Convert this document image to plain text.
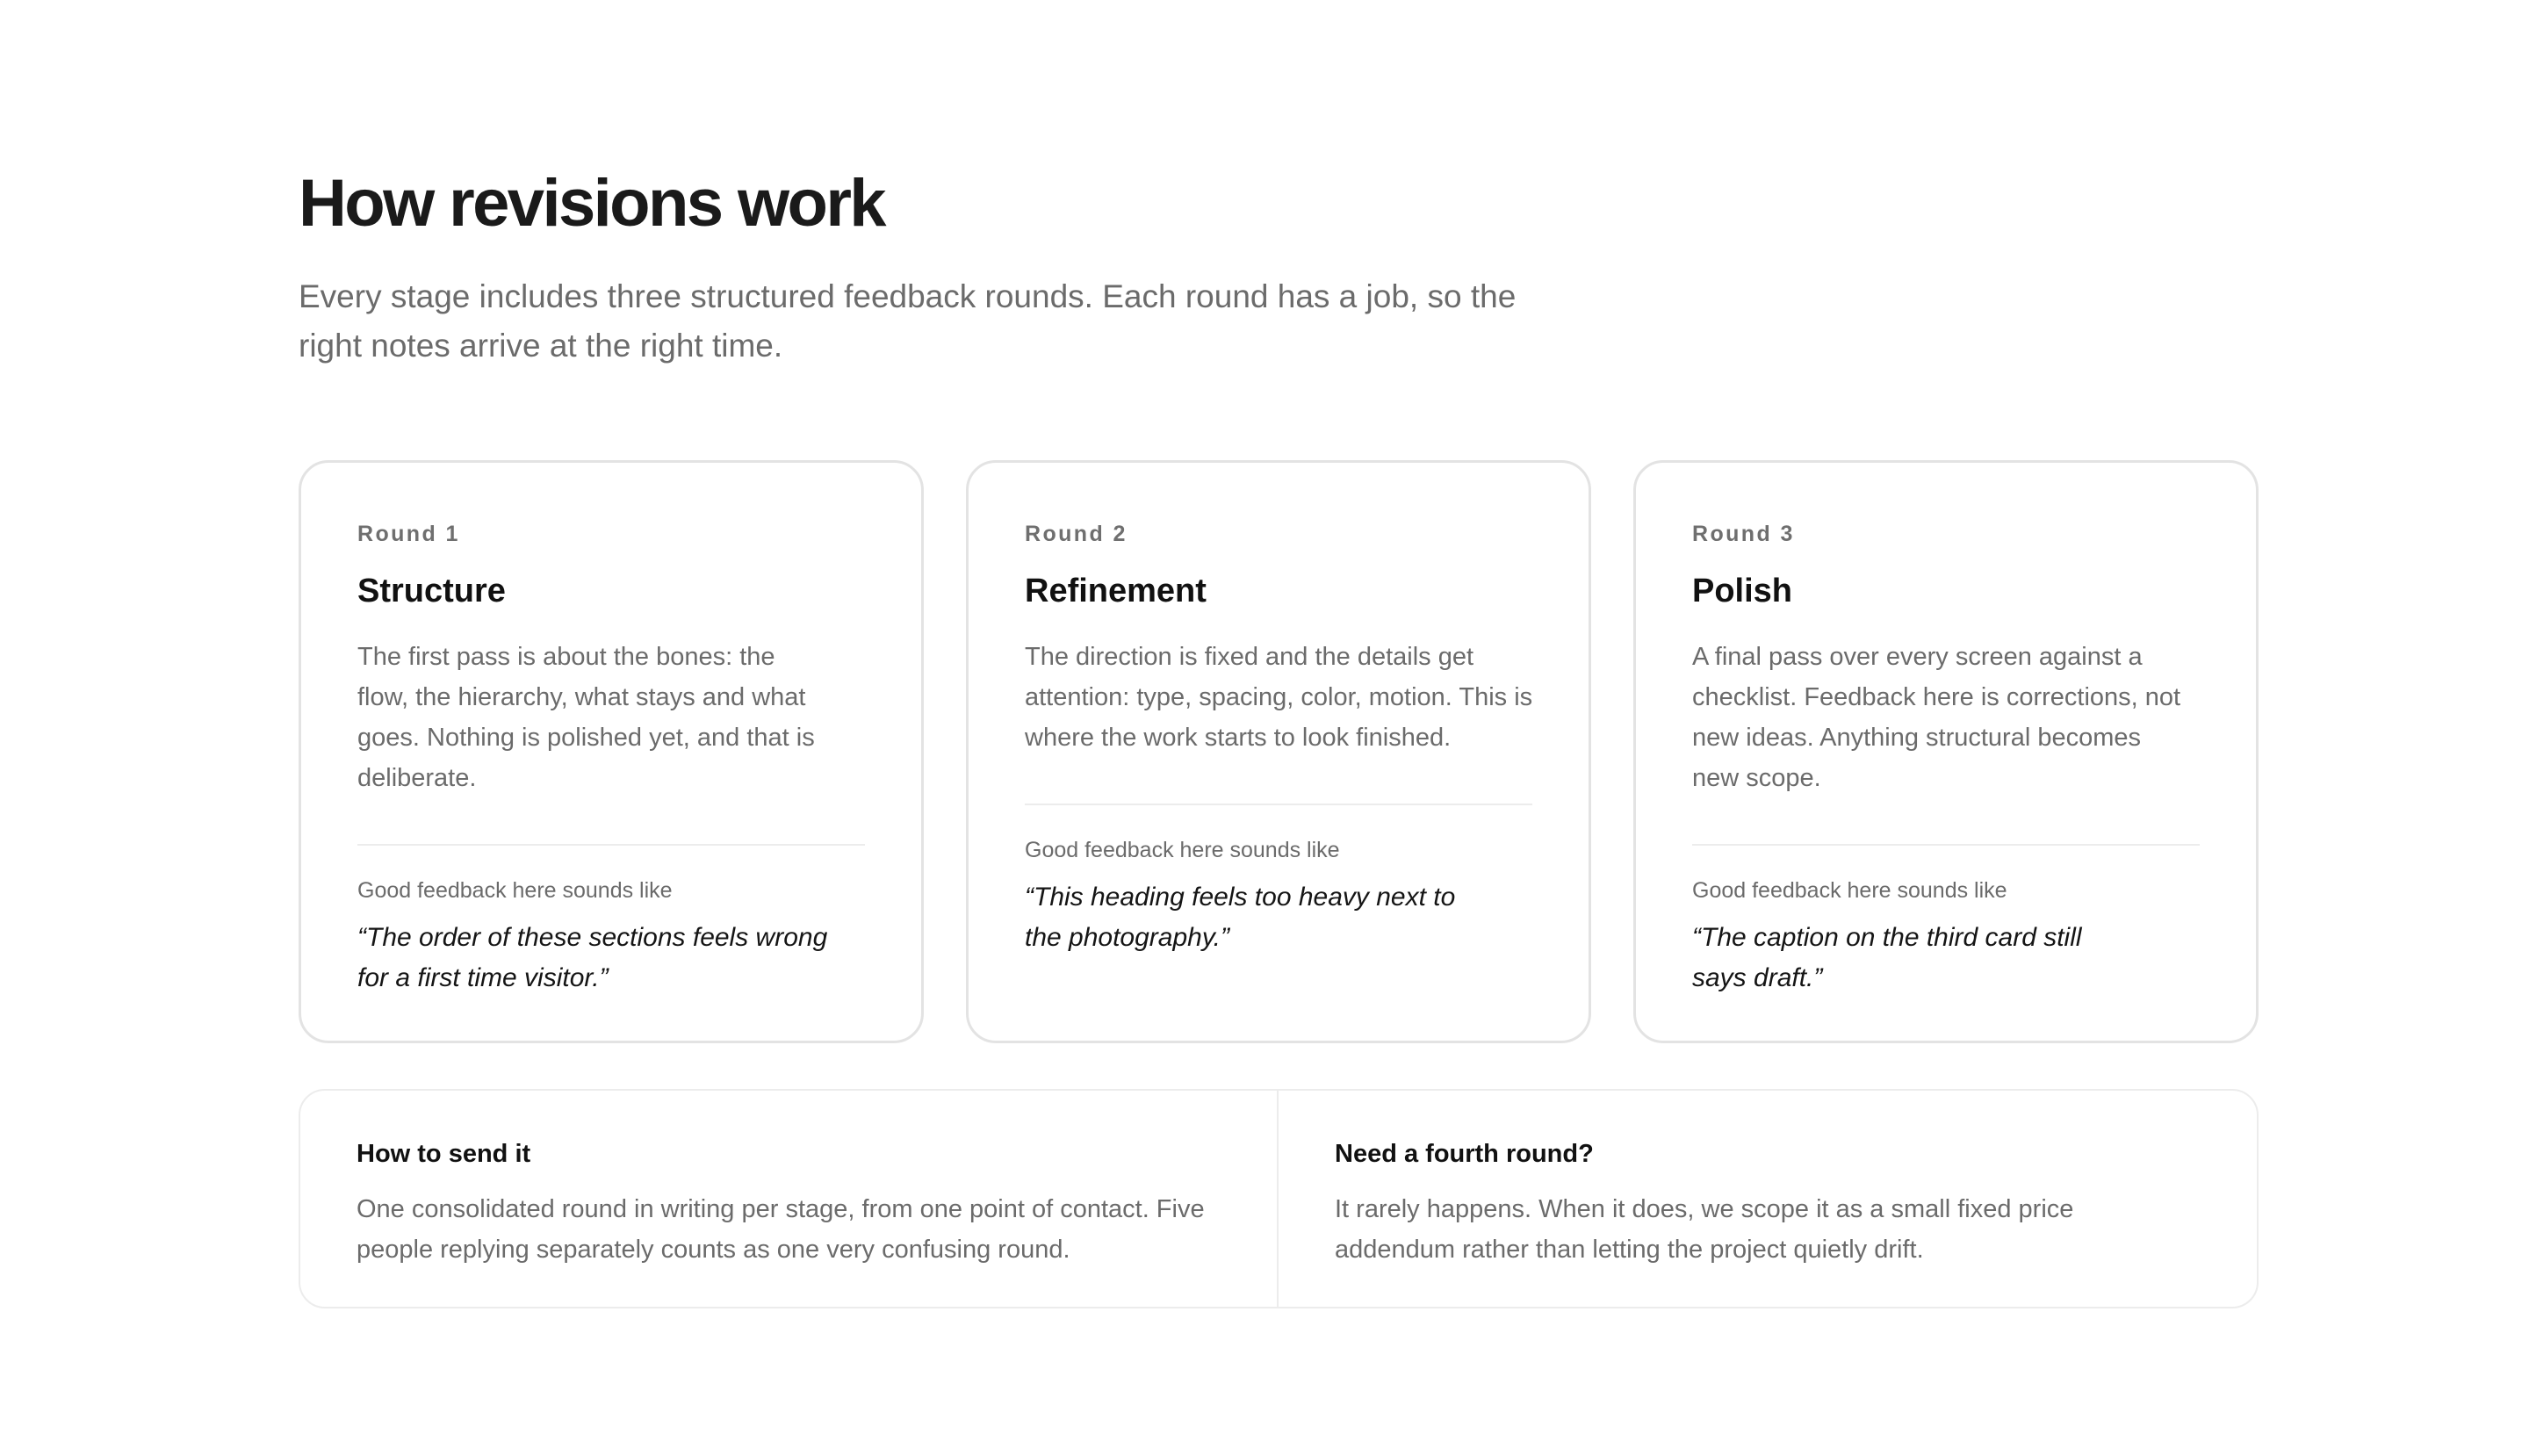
How revisions work

Every stage includes three structured feedback rounds. Each round has a job, so the right notes arrive at the right time.

Round 1
Structure
The first pass is about the bones: the flow, the hierarchy, what stays and what goes. Nothing is polished yet, and that is deliberate.
Good feedback here sounds like
“The order of these sections feels wrong for a first time visitor.”
Round 2
Refinement
The direction is fixed and the details get attention: type, spacing, color, motion. This is where the work starts to look finished.
Good feedback here sounds like
“This heading feels too heavy next to the photography.”
Round 3
Polish
A final pass over every screen against a checklist. Feedback here is corrections, not new ideas. Anything structural becomes new scope.
Good feedback here sounds like
“The caption on the third card still says draft.”
How to send it
One consolidated round in writing per stage, from one point of contact. Five people replying separately counts as one very confusing round.
Need a fourth round?
It rarely happens. When it does, we scope it as a small fixed price addendum rather than letting the project quietly drift.
